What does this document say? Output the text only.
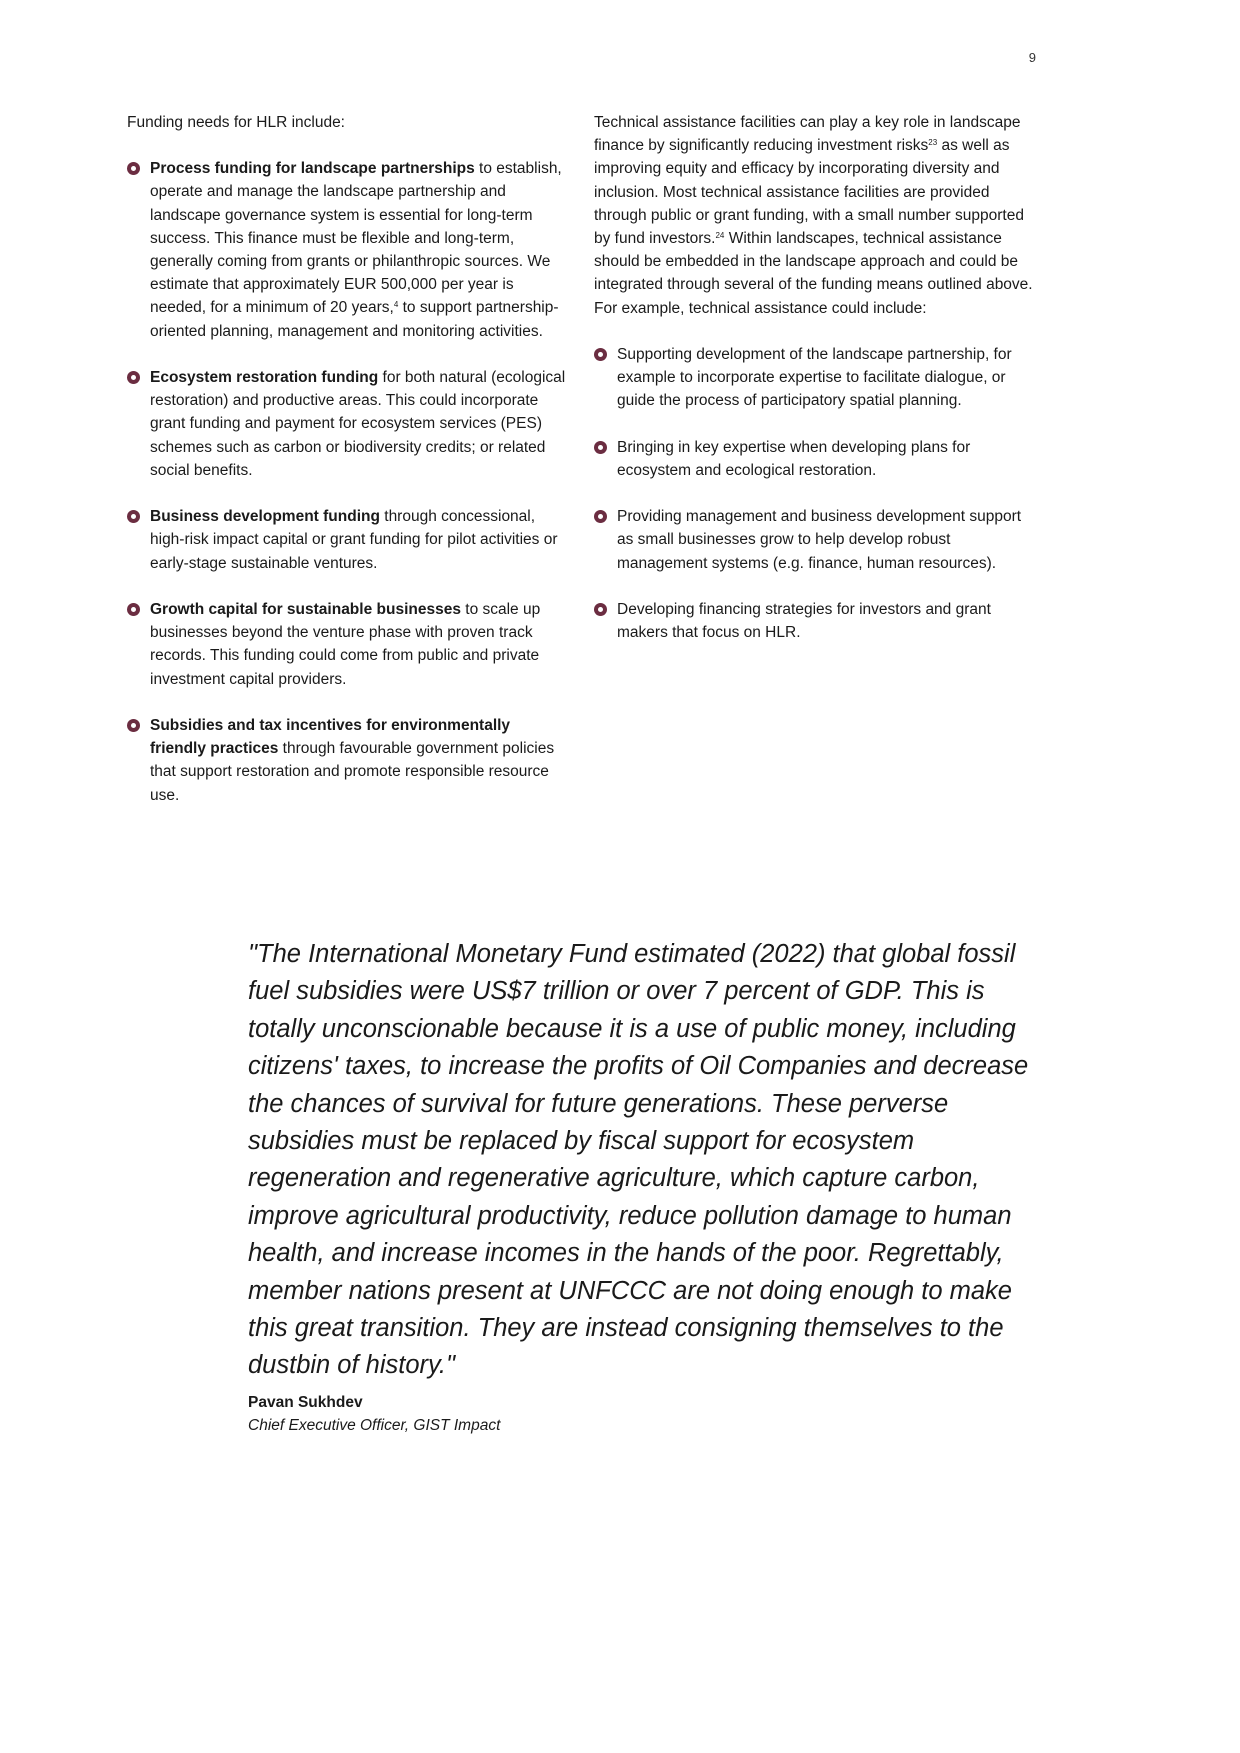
9

Funding needs for HLR include:

Process funding for landscape partnerships to establish, operate and manage the landscape partnership and landscape governance system is essential for long-term success. This finance must be flexible and long-term, generally coming from grants or philanthropic sources. We estimate that approximately EUR 500,000 per year is needed, for a minimum of 20 years,$^4$ to support partnership-oriented planning, management and monitoring activities.
Ecosystem restoration funding for both natural (ecological restoration) and productive areas. This could incorporate grant funding and payment for ecosystem services (PES) schemes such as carbon or biodiversity credits; or related social benefits.
Business development funding through concessional, high-risk impact capital or grant funding for pilot activities or early-stage sustainable ventures.
Growth capital for sustainable businesses to scale up businesses beyond the venture phase with proven track records. This funding could come from public and private investment capital providers.
Subsidies and tax incentives for environmentally friendly practices through favourable government policies that support restoration and promote responsible resource use.

Technical assistance facilities can play a key role in landscape finance by significantly reducing investment risks$^{23}$ as well as improving equity and efficacy by incorporating diversity and inclusion. Most technical assistance facilities are provided through public or grant funding, with a small number supported by fund investors.$^{24}$ Within landscapes, technical assistance should be embedded in the landscape approach and could be integrated through several of the funding means outlined above. For example, technical assistance could include:

Supporting development of the landscape partnership, for example to incorporate expertise to facilitate dialogue, or guide the process of participatory spatial planning.
Bringing in key expertise when developing plans for ecosystem and ecological restoration.
Providing management and business development support as small businesses grow to help develop robust management systems (e.g. finance, human resources).
Developing financing strategies for investors and grant makers that focus on HLR.
"The International Monetary Fund estimated (2022) that global fossil fuel subsidies were US$7 trillion or over 7 percent of GDP. This is totally unconscionable because it is a use of public money, including citizens' taxes, to increase the profits of Oil Companies and decrease the chances of survival for future generations. These perverse subsidies must be replaced by fiscal support for ecosystem regeneration and regenerative agriculture, which capture carbon, improve agricultural productivity, reduce pollution damage to human health, and increase incomes in the hands of the poor. Regrettably, member nations present at UNFCCC are not doing enough to make this great transition. They are instead consigning themselves to the dustbin of history."
Pavan Sukhdev
Chief Executive Officer, GIST Impact
